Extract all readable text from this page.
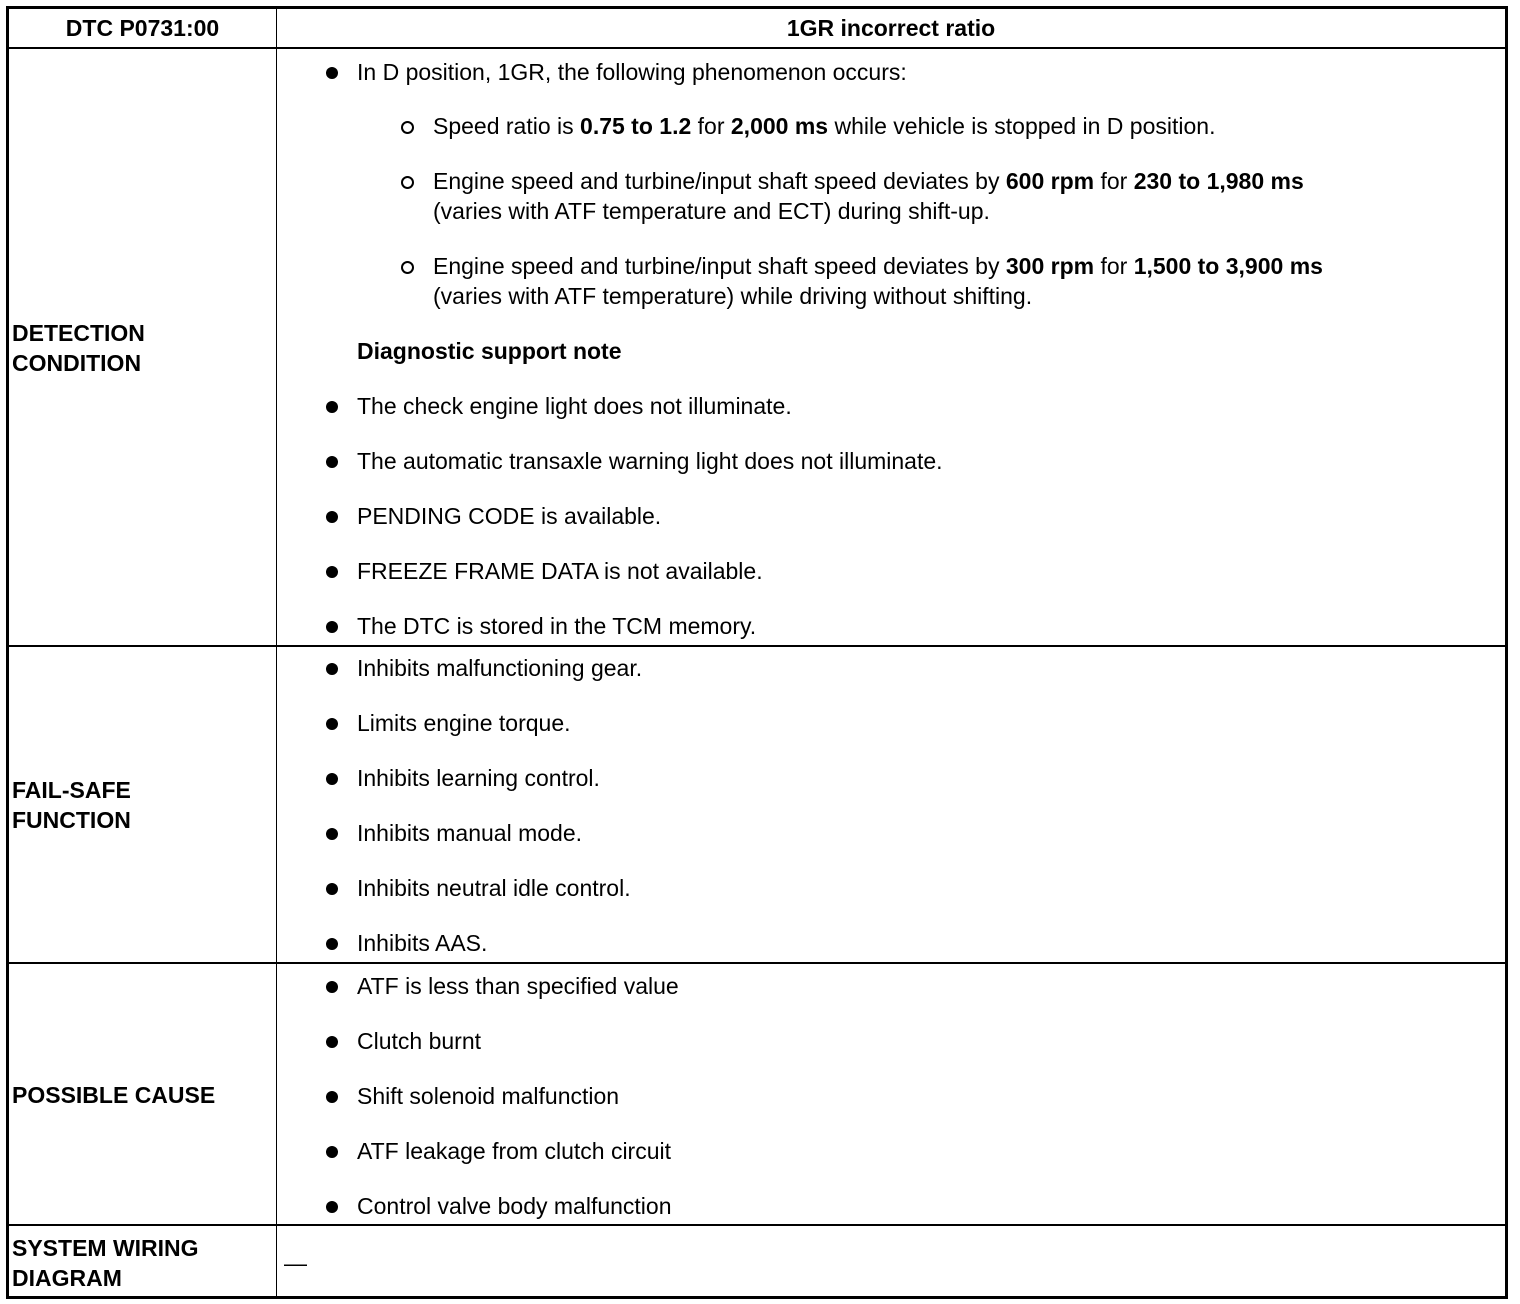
DTC P0731:00	1GR incorrect ratio
DETECTION
CONDITION
In D position, 1GR, the following phenomenon occurs:
Speed ratio is 0.75 to 1.2 for 2,000 ms while vehicle is stopped in D position.
Engine speed and turbine/input shaft speed deviates by 600 rpm for 230 to 1,980 ms
(varies with ATF temperature and ECT) during shift-up.
Engine speed and turbine/input shaft speed deviates by 300 rpm for 1,500 to 3,900 ms
(varies with ATF temperature) while driving without shifting.
Diagnostic support note
The check engine light does not illuminate.
The automatic transaxle warning light does not illuminate.
PENDING CODE is available.
FREEZE FRAME DATA is not available.
The DTC is stored in the TCM memory.
FAIL-SAFE
FUNCTION
Inhibits malfunctioning gear.
Limits engine torque.
Inhibits learning control.
Inhibits manual mode.
Inhibits neutral idle control.
Inhibits AAS.
POSSIBLE CAUSE
ATF is less than specified value
Clutch burnt
Shift solenoid malfunction
ATF leakage from clutch circuit
Control valve body malfunction
SYSTEM WIRING
DIAGRAM
—
